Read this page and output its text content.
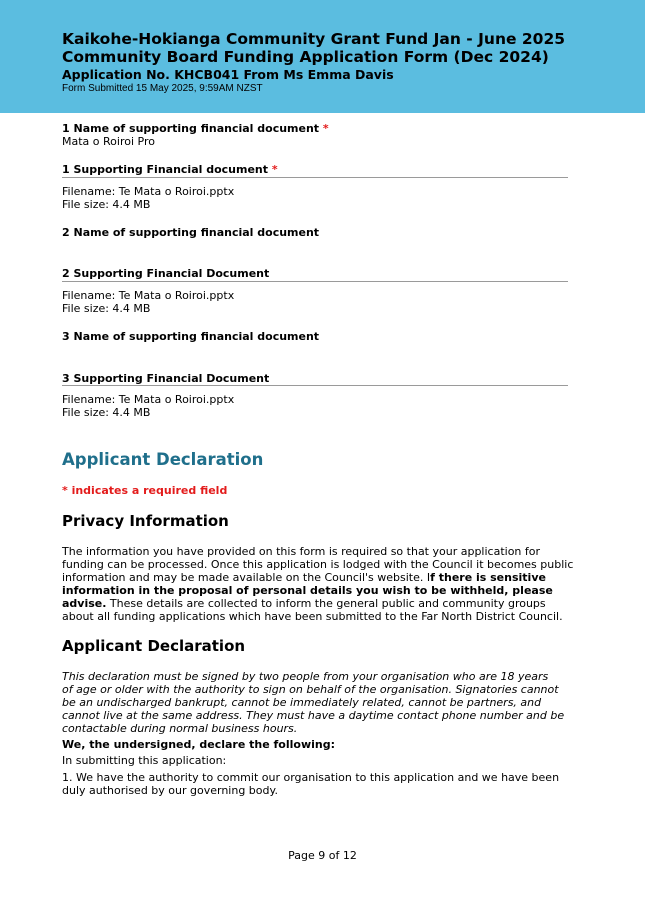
Kaikohe-Hokianga Community Grant Fund Jan - June 2025
Community Board Funding Application Form (Dec 2024)
Application No. KHCB041 From Ms Emma Davis
Form Submitted 15 May 2025, 9:59AM NZST
1 Name of supporting financial document *
Mata o Roiroi Pro
1 Supporting Financial document *
Filename: Te Mata o Roiroi.pptx
File size: 4.4 MB
2 Name of supporting financial document
2 Supporting Financial Document
Filename: Te Mata o Roiroi.pptx
File size: 4.4 MB
3 Name of supporting financial document
3 Supporting Financial Document
Filename: Te Mata o Roiroi.pptx
File size: 4.4 MB
Applicant Declaration
* indicates a required field
Privacy Information
The information you have provided on this form is required so that your application for
funding can be processed. Once this application is lodged with the Council it becomes public
information and may be made available on the Council's website. If there is sensitive
information in the proposal of personal details you wish to be withheld, please
advise. These details are collected to inform the general public and community groups
about all funding applications which have been submitted to the Far North District Council.
Applicant Declaration
This declaration must be signed by two people from your organisation who are 18 years
of age or older with the authority to sign on behalf of the organisation. Signatories cannot
be an undischarged bankrupt, cannot be immediately related, cannot be partners, and
cannot live at the same address. They must have a daytime contact phone number and be
contactable during normal business hours.
We, the undersigned, declare the following:
In submitting this application:
1. We have the authority to commit our organisation to this application and we have been
duly authorised by our governing body.
Page 9 of 12
